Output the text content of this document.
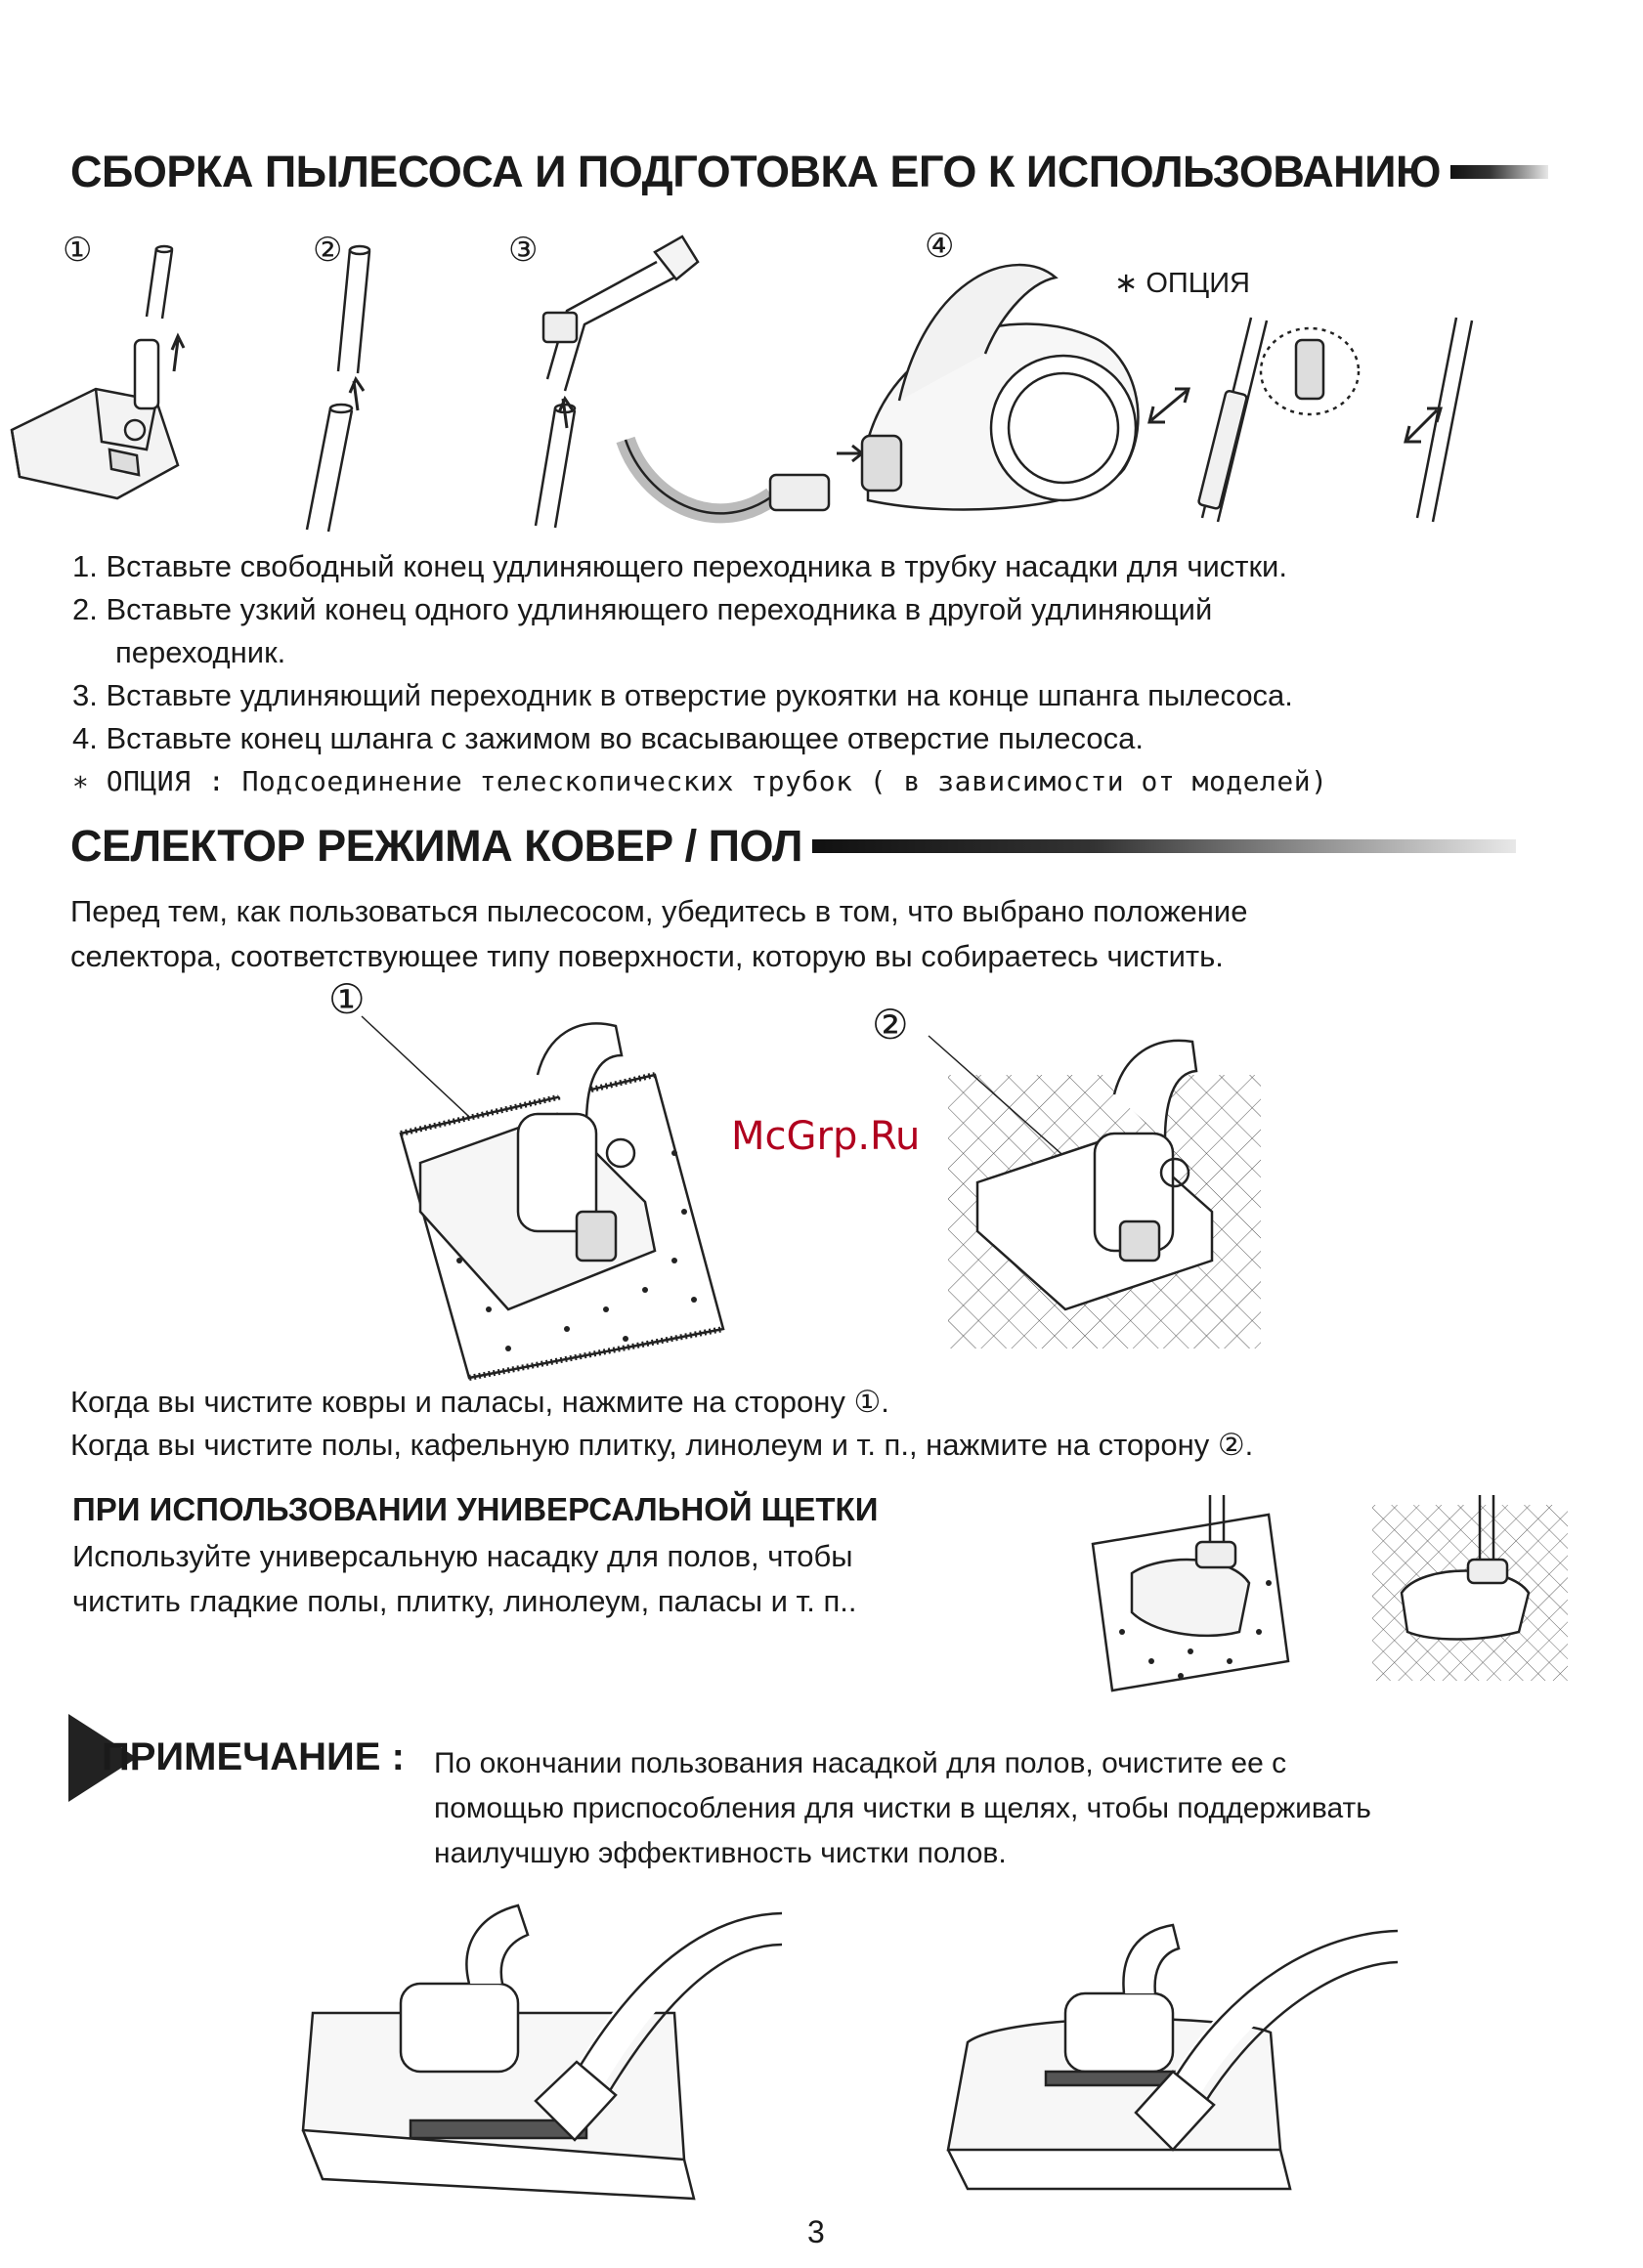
СБОРКА ПЫЛЕСОСА И ПОДГОТОВКА ЕГО К ИСПОЛЬЗОВАНИЮ
①	②	③	④
∗ ОПЦИЯ
1. Вставьте свободный конец удлиняющего переходника в трубку насадки для чистки.
2. Вставьте узкий конец одного удлиняющего переходника в другой удлиняющий
переходник.
3. Вставьте удлиняющий переходник в отверстие рукоятки на конце шпанга пылесоса.
4. Вставьте конец шланга с зажимом во всасывающее отверстие пылесоса.
∗ ОПЦИЯ : Подсоединение телескопических трубок ( в зависимости от моделей)
СЕЛЕКТОР РЕЖИМА КОВЕР / ПОЛ
Перед тем, как пользоваться пылесосом, убедитесь в том, что выбрано положение
селектора, соответствующее типу поверхности, которую вы собираетесь чистить.
①
McGrp.Ru
②
Когда вы чистите ковры и паласы, нажмите на сторону ①.
Когда вы чистите полы, кафельную плитку, линолеум и т. п., нажмите на сторону ②.
ПРИ ИСПОЛЬЗОВАНИИ УНИВЕРСАЛЬНОЙ ЩЕТКИ
Используйте универсальную насадку для полов, чтобы
чистить гладкие полы, плитку, линолеум, паласы и т. п..
ПРИМЕЧАНИЕ : По окончании пользования насадкой для полов, очистите ее с
помощью приспособления для чистки в щелях, чтобы поддерживать
наилучшую эффективность чистки полов.
3
